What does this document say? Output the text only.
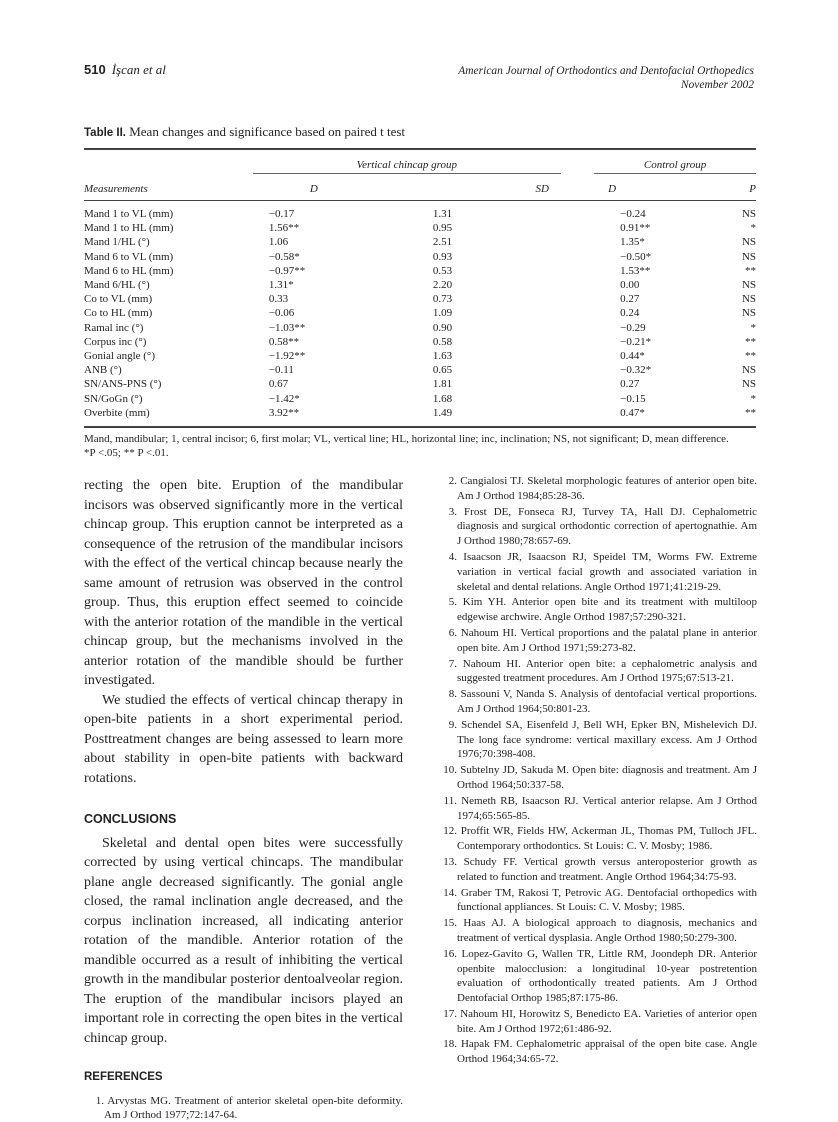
510 İşcan et al	American Journal of Orthodontics and Dentofacial Orthopedics
November 2002
Table II. Mean changes and significance based on paired t test
	Vertical chincap group			Control group	
Measurements	D	SD		D	P
Mand 1 to VL (mm)	−0.17	1.31		−0.24	NS
Mand 1 to HL (mm)	1.56**	0.95		0.91**	*
Mand 1/HL (°)	1.06	2.51		1.35*	NS
Mand 6 to VL (mm)	−0.58*	0.93		−0.50*	NS
Mand 6 to HL (mm)	−0.97**	0.53		1.53**	**
Mand 6/HL (°)	1.31*	2.20		0.00	NS
Co to VL (mm)	0.33	0.73		0.27	NS
Co to HL (mm)	−0.06	1.09		0.24	NS
Ramal inc (°)	−1.03**	0.90		−0.29	*
Corpus inc (°)	0.58**	0.58		−0.21*	**
Gonial angle (°)	−1.92**	1.63		0.44*	**
ANB (°)	−0.11	0.65		−0.32*	NS
SN/ANS-PNS (°)	0.67	1.81		0.27	NS
SN/GoGn (°)	−1.42*	1.68		−0.15	*
Overbite (mm)	3.92**	1.49		0.47*	**
Mand, mandibular; 1, central incisor; 6, first molar; VL, vertical line; HL, horizontal line; inc, inclination; NS, not significant; D, mean difference.
*P <.05; ** P <.01.

recting the open bite. Eruption of the mandibular incisors was observed significantly more in the vertical chincap group. This eruption cannot be interpreted as a consequence of the retrusion of the mandibular incisors with the effect of the vertical chincap because nearly the same amount of retrusion was observed in the control group. Thus, this eruption effect seemed to coincide with the anterior rotation of the mandible in the vertical chincap group, but the mechanisms involved in the anterior rotation of the mandible should be further investigated.

We studied the effects of vertical chincap therapy in open-bite patients in a short experimental period. Posttreatment changes are being assessed to learn more about stability in open-bite patients with backward rotations.

CONCLUSIONS

Skeletal and dental open bites were successfully corrected by using vertical chincaps. The mandibular plane angle decreased significantly. The gonial angle closed, the ramal inclination angle decreased, and the corpus inclination increased, all indicating anterior rotation of the mandible. Anterior rotation of the mandible occurred as a result of inhibiting the vertical growth in the mandibular posterior dentoalveolar region. The eruption of the mandibular incisors played an important role in correcting the open bites in the vertical chincap group.

REFERENCES

1. Arvystas MG. Treatment of anterior skeletal open-bite deformity. Am J Orthod 1977;72:147-64.

2. Cangialosi TJ. Skeletal morphologic features of anterior open bite. Am J Orthod 1984;85:28-36.

3. Frost DE, Fonseca RJ, Turvey TA, Hall DJ. Cephalometric diagnosis and surgical orthodontic correction of apertognathie. Am J Orthod 1980;78:657-69.

4. Isaacson JR, Isaacson RJ, Speidel TM, Worms FW. Extreme variation in vertical facial growth and associated variation in skeletal and dental relations. Angle Orthod 1971;41:219-29.

5. Kim YH. Anterior open bite and its treatment with multiloop edgewise archwire. Angle Orthod 1987;57:290-321.

6. Nahoum HI. Vertical proportions and the palatal plane in anterior open bite. Am J Orthod 1971;59:273-82.

7. Nahoum HI. Anterior open bite: a cephalometric analysis and suggested treatment procedures. Am J Orthod 1975;67:513-21.

8. Sassouni V, Nanda S. Analysis of dentofacial vertical proportions. Am J Orthod 1964;50:801-23.

9. Schendel SA, Eisenfeld J, Bell WH, Epker BN, Mishelevich DJ. The long face syndrome: vertical maxillary excess. Am J Orthod 1976;70:398-408.

10. Subtelny JD, Sakuda M. Open bite: diagnosis and treatment. Am J Orthod 1964;50:337-58.

11. Nemeth RB, Isaacson RJ. Vertical anterior relapse. Am J Orthod 1974;65:565-85.

12. Proffit WR, Fields HW, Ackerman JL, Thomas PM, Tulloch JFL. Contemporary orthodontics. St Louis: C. V. Mosby; 1986.

13. Schudy FF. Vertical growth versus anteroposterior growth as related to function and treatment. Angle Orthod 1964;34:75-93.

14. Graber TM, Rakosi T, Petrovic AG. Dentofacial orthopedics with functional appliances. St Louis: C. V. Mosby; 1985.

15. Haas AJ. A biological approach to diagnosis, mechanics and treatment of vertical dysplasia. Angle Orthod 1980;50:279-300.

16. Lopez-Gavito G, Wallen TR, Little RM, Joondeph DR. Anterior openbite malocclusion: a longitudinal 10-year postretention evaluation of orthodontically treated patients. Am J Orthod Dentofacial Orthop 1985;87:175-86.

17. Nahoum HI, Horowitz S, Benedicto EA. Varieties of anterior open bite. Am J Orthod 1972;61:486-92.

18. Hapak FM. Cephalometric appraisal of the open bite case. Angle Orthod 1964;34:65-72.
